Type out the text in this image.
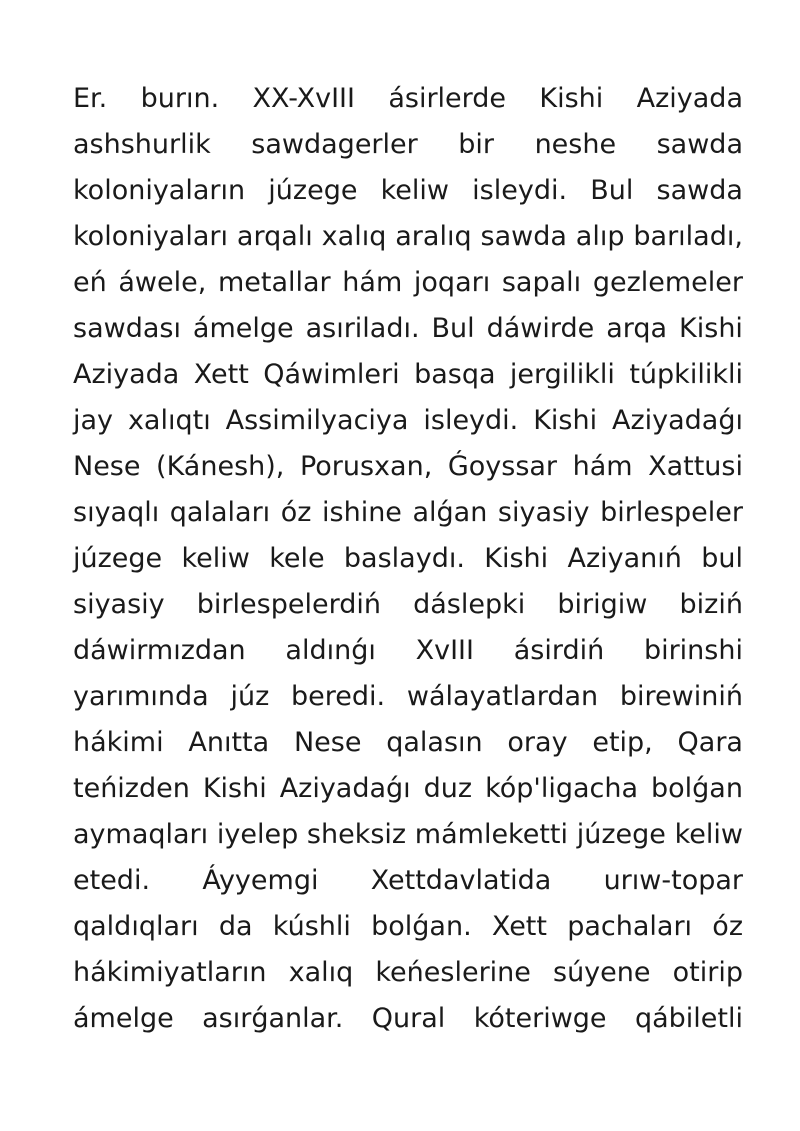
Er. burın. XX-XvIII ásirlerde Kishi Aziyada
ashshurlik sawdagerler bir neshe sawda
koloniyaların júzege keliw isleydi. Bul sawda
koloniyaları arqalı xalıq aralıq sawda alıp barıladı,
eń áwele, metallar hám joqarı sapalı gezlemeler
sawdası ámelge asıriladı. Bul dáwirde arqa Kishi
Aziyada Xett Qáwimleri basqa jergilikli túpkilikli
jay xalıqtı Assimilyaciya isleydi. Kishi Aziyadaǵı
Nese (Kánesh), Porusxan, Ǵoyssar hám Xattusi
sıyaqlı qalaları óz ishine alǵan siyasiy birlespeler
júzege keliw kele baslaydı. Kishi Aziyanıń bul
siyasiy birlespelerdiń dáslepki birigiw biziń
dáwirmızdan aldınǵı XvIII ásirdiń birinshi
yarımında júz beredi. wálayatlardan birewiniń
hákimi Anıtta Nese qalasın oray etip, Qara
teńizden Kishi Aziyadaǵı duz kóp'ligacha bolǵan
aymaqları iyelep sheksiz mámleketti júzege keliw
etedi. Áyyemgi Xettdavlatida urıw-topar
qaldıqları da kúshli bolǵan. Xett pachaları óz
hákimiyatların xalıq keńeslerine súyene otirip
ámelge asırǵanlar. Qural kóteriwge qábiletli
